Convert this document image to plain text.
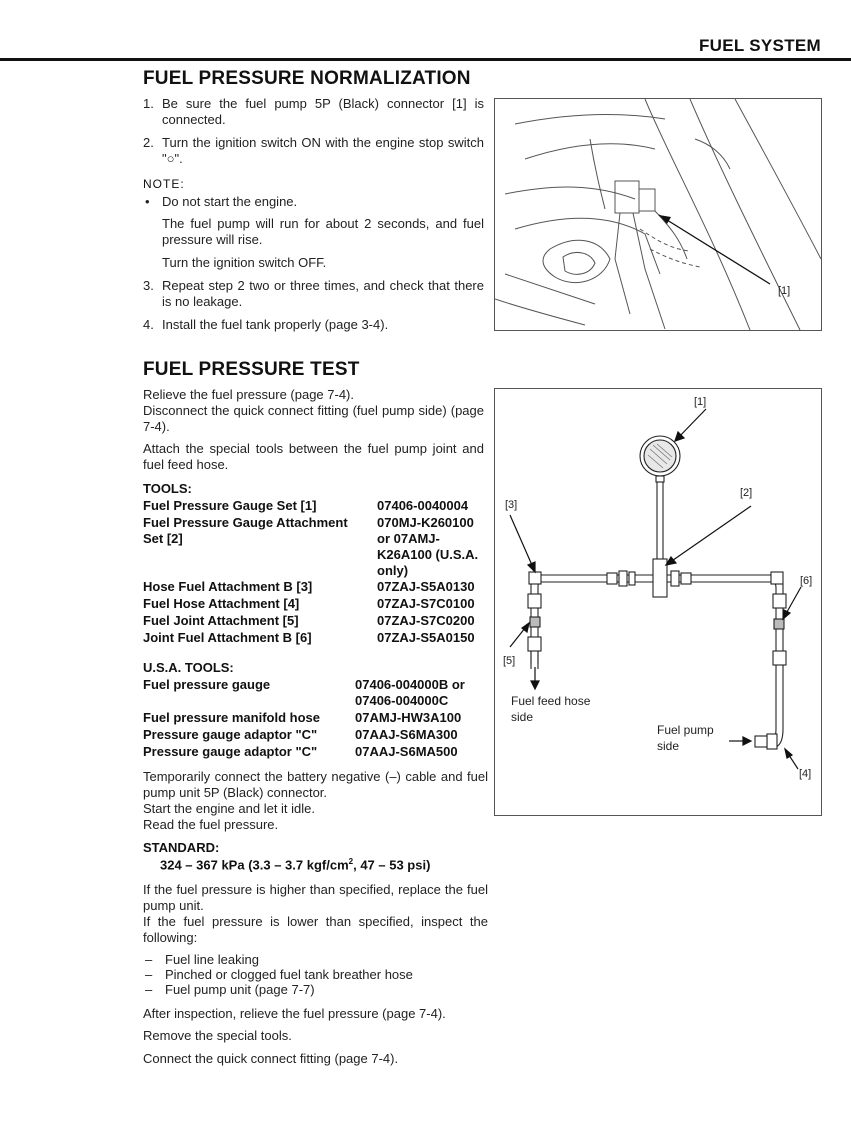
FUEL SYSTEM
FUEL PRESSURE NORMALIZATION
1. Be sure the fuel pump 5P (Black) connector [1] is connected.
2. Turn the ignition switch ON with the engine stop switch "○".
NOTE:
• Do not start the engine.
The fuel pump will run for about 2 seconds, and fuel pressure will rise.
Turn the ignition switch OFF.
3. Repeat step 2 two or three times, and check that there is no leakage.
4. Install the fuel tank properly (page 3-4).
[1]
FUEL PRESSURE TEST
Relieve the fuel pressure (page 7-4).
Disconnect the quick connect fitting (fuel pump side) (page 7-4).
Attach the special tools between the fuel pump joint and fuel feed hose.
TOOLS:
Fuel Pressure Gauge Set [1]	07406-0040004
Fuel Pressure Gauge Attachment Set [2]
070MJ-K260100 or 07AMJ-K26A100 (U.S.A. only)
Hose Fuel Attachment B [3]	07ZAJ-S5A0130
Fuel Hose Attachment [4]	07ZAJ-S7C0100
Fuel Joint Attachment [5]	07ZAJ-S7C0200
Joint Fuel Attachment B [6]	07ZAJ-S5A0150
U.S.A. TOOLS:
Fuel pressure gauge	07406-004000B or 07406-004000C
Fuel pressure manifold hose	07AMJ-HW3A100
Pressure gauge adaptor "C"	07AAJ-S6MA300
Pressure gauge adaptor "C"	07AAJ-S6MA500
Temporarily connect the battery negative (–) cable and fuel pump unit 5P (Black) connector.
Start the engine and let it idle.
Read the fuel pressure.
STANDARD:
324 – 367 kPa (3.3 – 3.7 kgf/$cm^2$, 47 – 53 psi)
If the fuel pressure is higher than specified, replace the fuel pump unit.
If the fuel pressure is lower than specified, inspect the following:
– Fuel line leaking
– Pinched or clogged fuel tank breather hose
– Fuel pump unit (page 7-7)
After inspection, relieve the fuel pressure (page 7-4).
Remove the special tools.
Connect the quick connect fitting (page 7-4).
[1]
[2]
[3]
[6]
[5]
[4]
Fuel feed hose side
Fuel pump side
